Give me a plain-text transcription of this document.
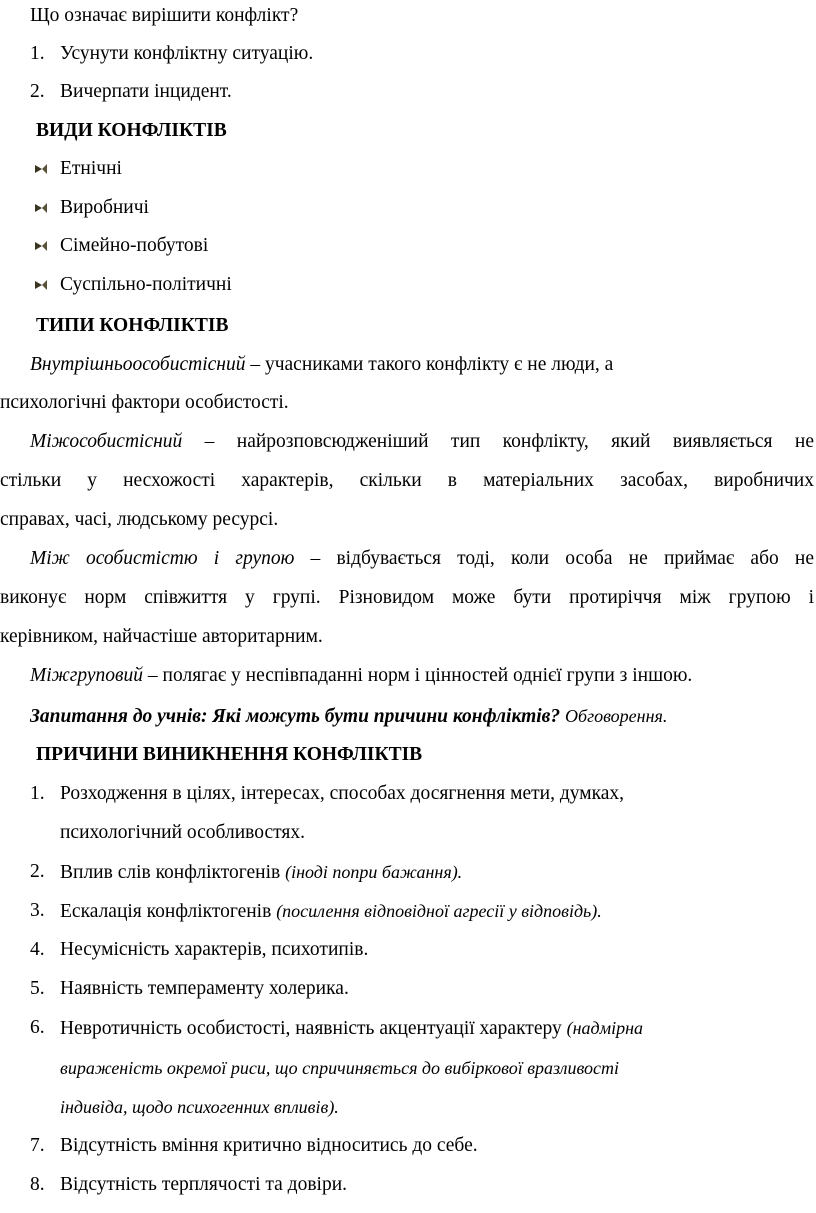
Що означає вирішити конфлікт?
1. Усунути конфліктну ситуацію.
2. Вичерпати інцидент.
ВИДИ КОНФЛІКТІВ
Етнічні
Виробничі
Сімейно-побутові
Суспільно-політичні
ТИПИ КОНФЛІКТІВ
Внутрішньоособистісний – учасниками такого конфлікту є не люди, а
психологічні фактори особистості.
Міжособистісний – найрозповсюдженіший тип конфлікту, який виявляється не
стільки у несхожості характерів, скільки в матеріальних засобах, виробничих
справах, часі, людському ресурсі.
Між особистістю і групою – відбувається тоді, коли особа не приймає або не
виконує норм співжиття у групі. Різновидом може бути протиріччя між групою і
керівником, найчастіше авторитарним.
Міжгруповий – полягає у неспівпаданні норм і цінностей однієї групи з іншою.
Запитання до учнів: Які можуть бути причини конфліктів? Обговорення.
ПРИЧИНИ ВИНИКНЕННЯ КОНФЛІКТІВ
1. Розходження в цілях, інтересах, способах досягнення мети, думках,
психологічний особливостях.
2. Вплив слів конфліктогенів (іноді попри бажання).
3. Ескалація конфліктогенів (посилення відповідної агресії у відповідь).
4. Несумісність характерів, психотипів.
5. Наявність темпераменту холерика.
6. Невротичність особистості, наявність акцентуації характеру (надмірна
вираженість окремої риси, що спричиняється до вибіркової вразливості
індивіда, щодо психогенних впливів).
7. Відсутність вміння критично відноситись до себе.
8. Відсутність терплячості та довіри.
